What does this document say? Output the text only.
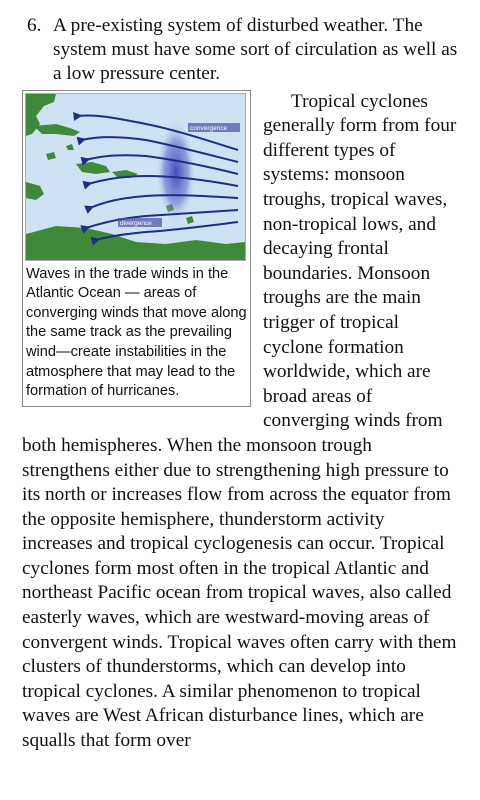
6. A pre-existing system of disturbed weather. The system must have some sort of circulation as well as a low pressure center.
convergence
divergence
Waves in the trade winds in the Atlantic Ocean — areas of converging winds that move along the same track as the prevailing wind—create instabilities in the atmosphere that may lead to the formation of hurricanes.
Tropical cyclones generally form from four different types of systems: monsoon troughs, tropical waves, non-tropical lows, and decaying frontal boundaries. Monsoon troughs are the main trigger of tropical cyclone formation worldwide, which are broad areas of converging winds from both hemispheres. When the monsoon trough strengthens either due to strengthening high pressure to its north or increases flow from across the equator from the opposite hemisphere, thunderstorm activity increases and tropical cyclogenesis can occur. Tropical cyclones form most often in the tropical Atlantic and northeast Pacific ocean from tropical waves, also called easterly waves, which are westward-moving areas of convergent winds. Tropical waves often carry with them clusters of thunderstorms, which can develop into tropical cyclones. A similar phenomenon to tropical waves are West African disturbance lines, which are squalls that form over
